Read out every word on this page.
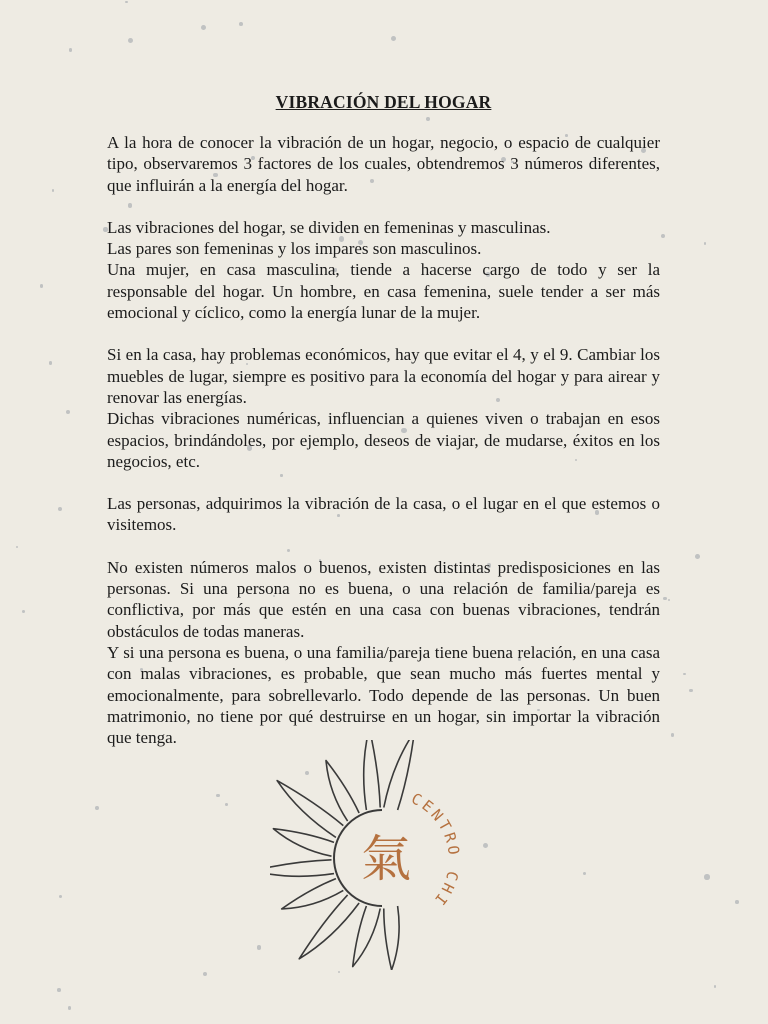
VIBRACIÓN DEL HOGAR

A la hora de conocer la vibración de un hogar, negocio, o espacio de cualquier tipo, observaremos 3 factores de los cuales, obtendremos 3 números diferentes, que influirán a la energía del hogar.

Las vibraciones del hogar, se dividen en femeninas y masculinas.
Las pares son femeninas y los impares son masculinos.
Una mujer, en casa masculina, tiende a hacerse cargo de todo y ser la responsable del hogar. Un hombre, en casa femenina, suele tender a ser más emocional y cíclico, como la energía lunar de la mujer.

Si en la casa, hay problemas económicos, hay que evitar el 4, y el 9. Cambiar los muebles de lugar, siempre es positivo para la economía del hogar y para airear y renovar las energías.
Dichas vibraciones numéricas, influencian a quienes viven o trabajan en esos espacios, brindándoles, por ejemplo, deseos de viajar, de mudarse, éxitos en los negocios, etc.

Las personas, adquirimos la vibración de la casa, o el lugar en el que estemos o visitemos.

No existen números malos o buenos, existen distintas predisposiciones en las personas. Si una persona no es buena, o una relación de familia/pareja es conflictiva, por más que estén en una casa con buenas vibraciones, tendrán obstáculos de todas maneras.
Y si una persona es buena, o una familia/pareja tiene buena relación, en una casa con malas vibraciones, es probable, que sean mucho más fuertes mental y emocionalmente, para sobrellevarlo. Todo depende de las personas. Un buen matrimonio, no tiene por qué destruirse en un hogar, sin importar la vibración que tenga.

氣
CENTRO CHI
